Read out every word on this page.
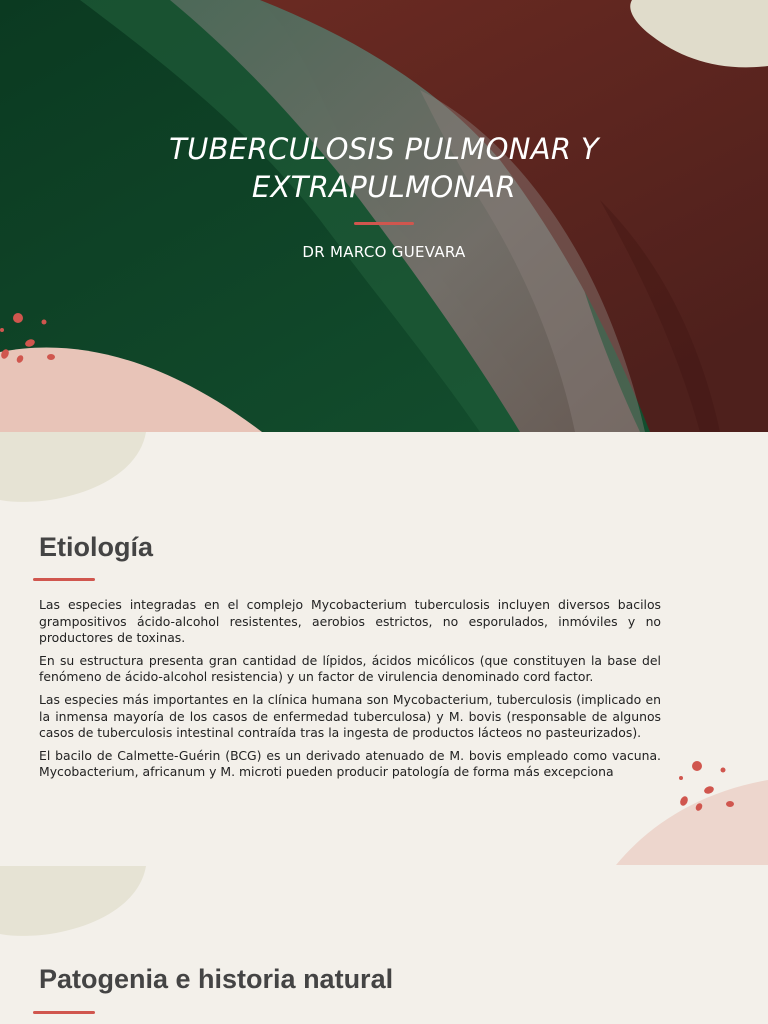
TUBERCULOSIS PULMONAR Y
EXTRAPULMONAR
DR MARCO GUEVARA
Etiología

Las especies integradas en el complejo Mycobacterium tuberculosis incluyen diversos bacilos grampositivos ácido-alcohol resistentes, aerobios estrictos, no esporulados, inmóviles y no productores de toxinas.

En su estructura presenta gran cantidad de lípidos, ácidos micólicos (que constituyen la base del fenómeno de ácido-alcohol resistencia) y un factor de virulencia denominado cord factor.

Las especies más importantes en la clínica humana son Mycobacterium, tuberculosis (implicado en la inmensa mayoría de los casos de enfermedad tuberculosa) y M. bovis (responsable de algunos casos de tuberculosis intestinal contraída tras la ingesta de productos lácteos no pasteurizados).

El bacilo de Calmette-Guérin (BCG) es un derivado atenuado de M. bovis empleado como vacuna. Mycobacterium, africanum y M. microti pueden producir patología de forma más excepciona

Patogenia e historia natural
